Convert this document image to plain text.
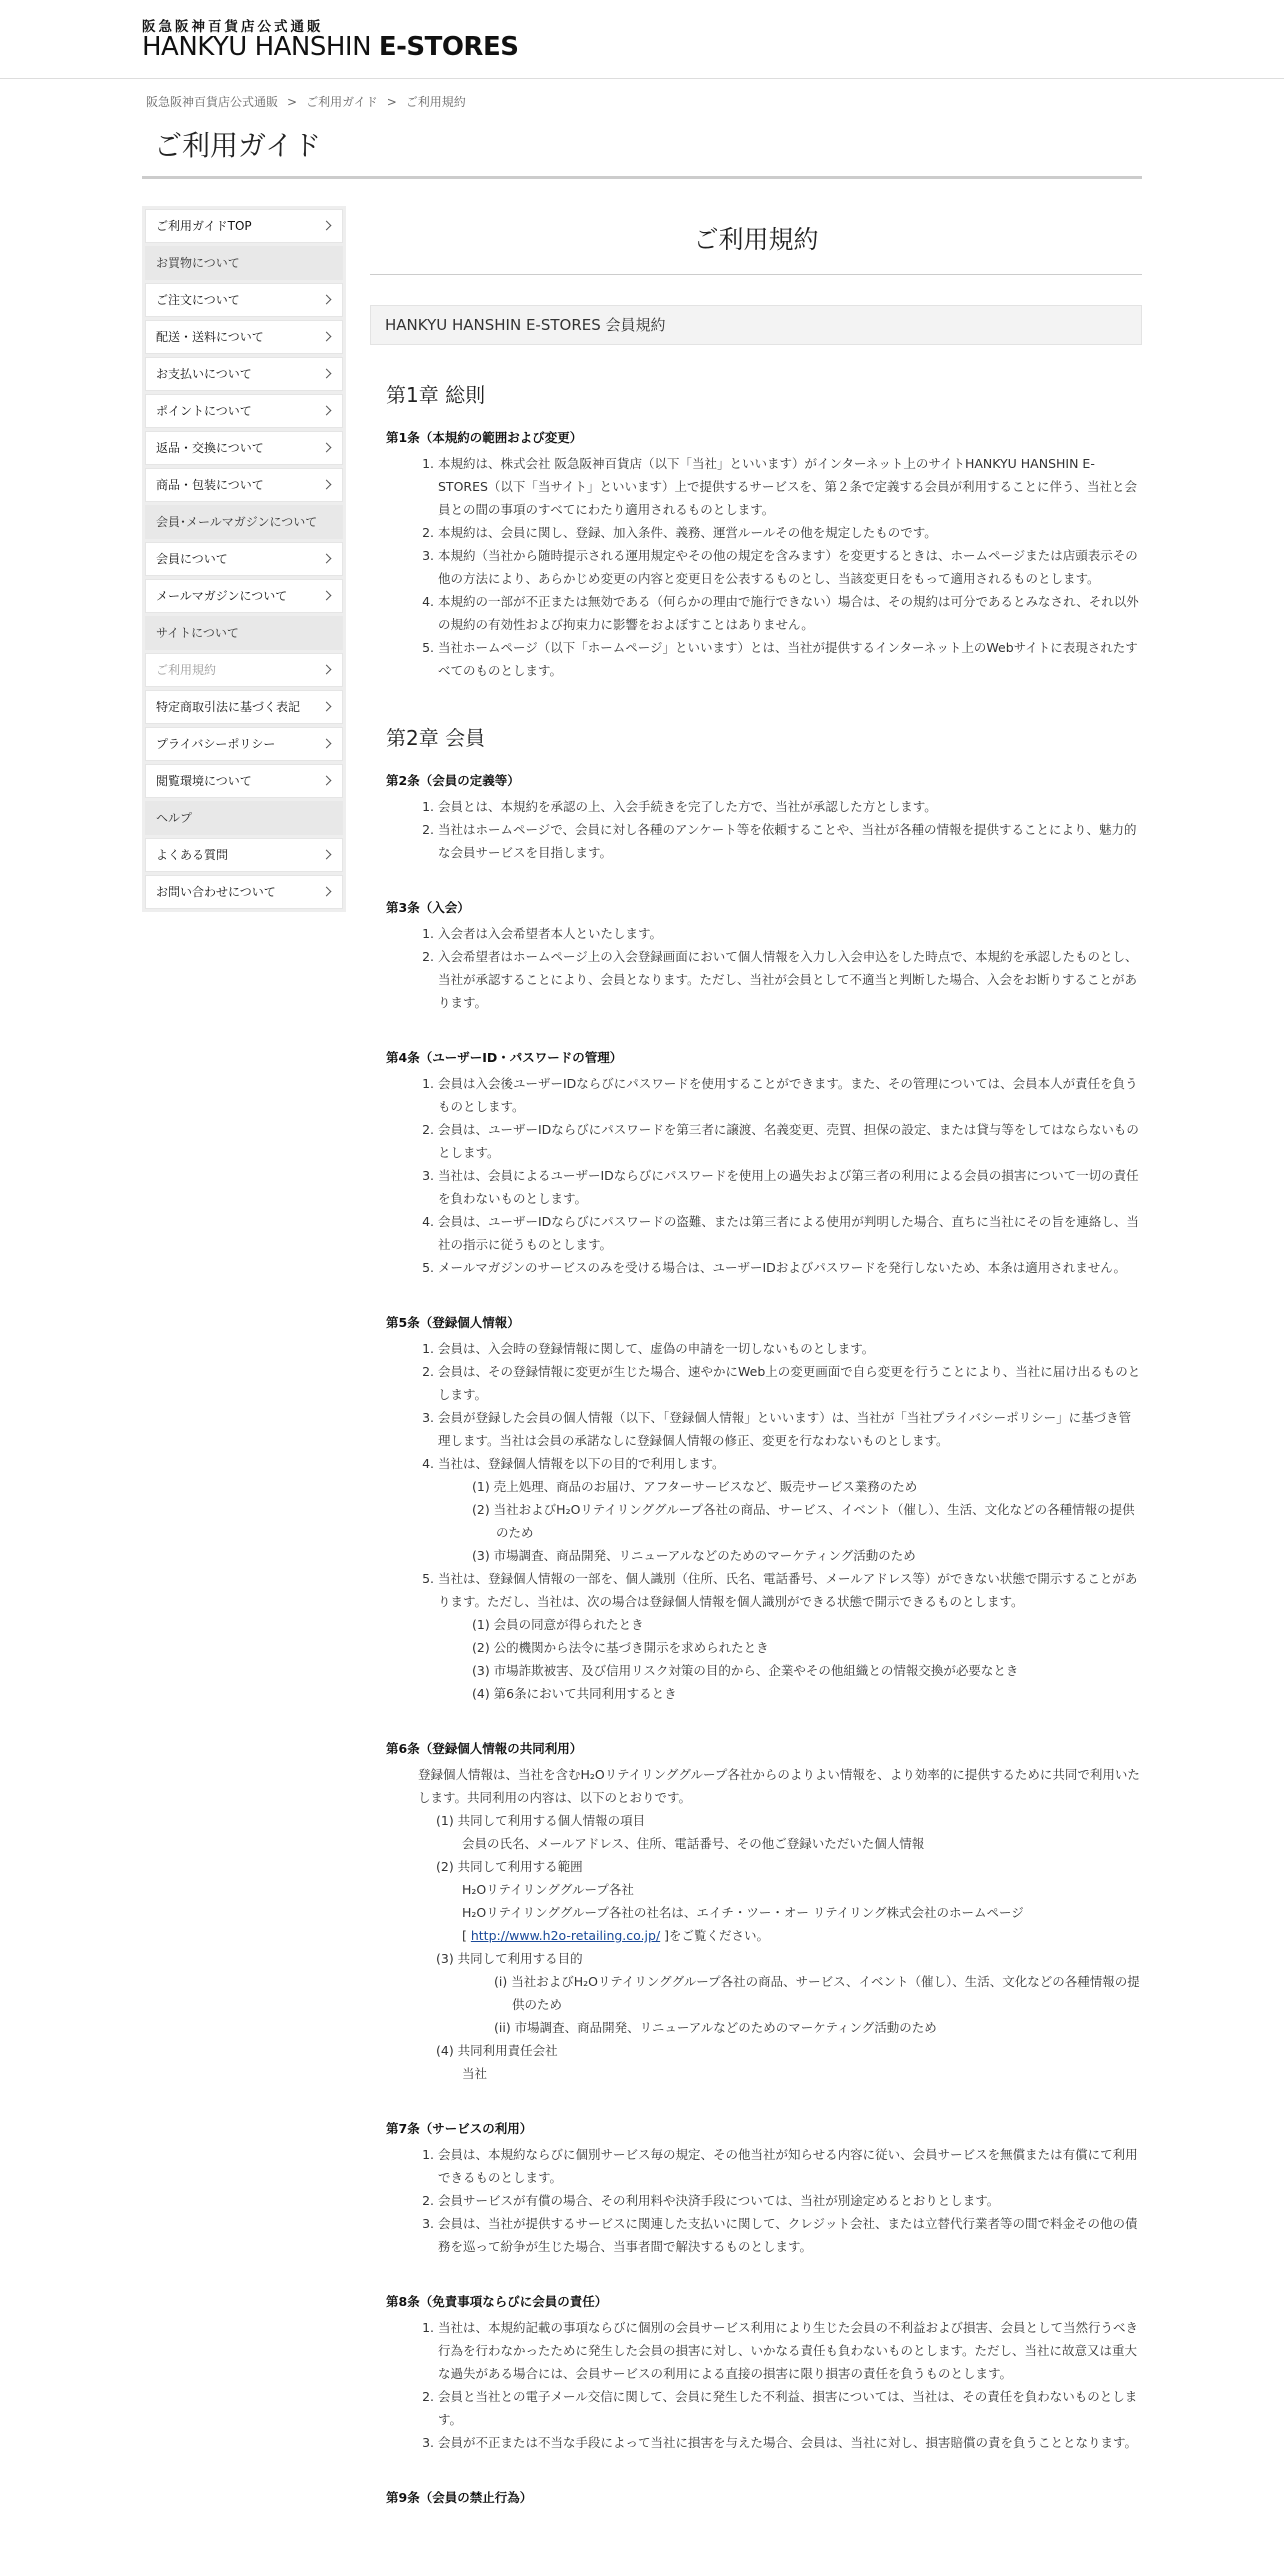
阪急阪神百貨店公式通販
HANKYU HANSHIN E-STORES
阪急阪神百貨店公式通販 > ご利用ガイド > ご利用規約
ご利用ガイド
ご利用ガイドTOP
お買物について
ご注文について
配送・送料について
お支払いについて
ポイントについて
返品・交換について
商品・包装について
会員･メールマガジンについて
会員について
メールマガジンについて
サイトについて
ご利用規約
特定商取引法に基づく表記
プライバシーポリシー
閲覧環境について
ヘルプ
よくある質問
お問い合わせについて
ご利用規約
HANKYU HANSHIN E-STORES 会員規約
第1章 総則
第1条（本規約の範囲および変更）
1. 本規約は、株式会社 阪急阪神百貨店（以下「当社」といいます）がインターネット上のサイトHANKYU HANSHIN E-STORES（以下「当サイト」といいます）上で提供するサービスを、第２条で定義する会員が利用することに伴う、当社と会員との間の事項のすべてにわたり適用されるものとします。
2. 本規約は、会員に関し、登録、加入条件、義務、運営ルールその他を規定したものです。
3. 本規約（当社から随時提示される運用規定やその他の規定を含みます）を変更するときは、ホームページまたは店頭表示その他の方法により、あらかじめ変更の内容と変更日を公表するものとし、当該変更日をもって適用されるものとします。
4. 本規約の一部が不正または無効である（何らかの理由で施行できない）場合は、その規約は可分であるとみなされ、それ以外の規約の有効性および拘束力に影響をおよぼすことはありません。
5. 当社ホームページ（以下「ホームページ」といいます）とは、当社が提供するインターネット上のWebサイトに表現されたすべてのものとします。
第2章 会員
第2条（会員の定義等）
1. 会員とは、本規約を承認の上、入会手続きを完了した方で、当社が承認した方とします。
2. 当社はホームページで、会員に対し各種のアンケート等を依頼することや、当社が各種の情報を提供することにより、魅力的な会員サービスを目指します。
第3条（入会）
1. 入会者は入会希望者本人といたします。
2. 入会希望者はホームページ上の入会登録画面において個人情報を入力し入会申込をした時点で、本規約を承認したものとし、当社が承認することにより、会員となります。ただし、当社が会員として不適当と判断した場合、入会をお断りすることがあります。
第4条（ユーザーID・パスワードの管理）
1. 会員は入会後ユーザーIDならびにパスワードを使用することができます。また、その管理については、会員本人が責任を負うものとします。
2. 会員は、ユーザーIDならびにパスワードを第三者に譲渡、名義変更、売買、担保の設定、または貸与等をしてはならないものとします。
3. 当社は、会員によるユーザーIDならびにパスワードを使用上の過失および第三者の利用による会員の損害について一切の責任を負わないものとします。
4. 会員は、ユーザーIDならびにパスワードの盗難、または第三者による使用が判明した場合、直ちに当社にその旨を連絡し、当社の指示に従うものとします。
5. メールマガジンのサービスのみを受ける場合は、ユーザーIDおよびパスワードを発行しないため、本条は適用されません。
第5条（登録個人情報）
1. 会員は、入会時の登録情報に関して、虚偽の申請を一切しないものとします。
2. 会員は、その登録情報に変更が生じた場合、速やかにWeb上の変更画面で自ら変更を行うことにより、当社に届け出るものとします。
3. 会員が登録した会員の個人情報（以下、「登録個人情報」といいます）は、当社が「当社プライバシーポリシー」に基づき管理します。当社は会員の承諾なしに登録個人情報の修正、変更を行なわないものとします。
4. 当社は、登録個人情報を以下の目的で利用します。
(1) 売上処理、商品のお届け、アフターサービスなど、販売サービス業務のため
(2) 当社およびH₂Oリテイリンググループ各社の商品、サービス、イベント（催し）、生活、文化などの各種情報の提供のため
(3) 市場調査、商品開発、リニューアルなどのためのマーケティング活動のため
5. 当社は、登録個人情報の一部を、個人識別（住所、氏名、電話番号、メールアドレス等）ができない状態で開示することがあります。ただし、当社は、次の場合は登録個人情報を個人識別ができる状態で開示できるものとします。
(1) 会員の同意が得られたとき
(2) 公的機関から法令に基づき開示を求められたとき
(3) 市場詐欺被害、及び信用リスク対策の目的から、企業やその他組織との情報交換が必要なとき
(4) 第6条において共同利用するとき
第6条（登録個人情報の共同利用）
登録個人情報は、当社を含むH₂Oリテイリンググループ各社からのよりよい情報を、より効率的に提供するために共同で利用いたします。共同利用の内容は、以下のとおりです。
(1) 共同して利用する個人情報の項目
会員の氏名、メールアドレス、住所、電話番号、その他ご登録いただいた個人情報
(2) 共同して利用する範囲
H₂Oリテイリンググループ各社
H₂Oリテイリンググループ各社の社名は、エイチ・ツー・オー リテイリング株式会社のホームページ
[ http://www.h2o-retailing.co.jp/ ]をご覧ください。
(3) 共同して利用する目的
(i) 当社およびH₂Oリテイリンググループ各社の商品、サービス、イベント（催し）、生活、文化などの各種情報の提供のため
(ii) 市場調査、商品開発、リニューアルなどのためのマーケティング活動のため
(4) 共同利用責任会社
当社
第7条（サービスの利用）
1. 会員は、本規約ならびに個別サービス毎の規定、その他当社が知らせる内容に従い、会員サービスを無償または有償にて利用できるものとします。
2. 会員サービスが有償の場合、その利用料や決済手段については、当社が別途定めるとおりとします。
3. 会員は、当社が提供するサービスに関連した支払いに関して、クレジット会社、または立替代行業者等の間で料金その他の債務を巡って紛争が生じた場合、当事者間で解決するものとします。
第8条（免責事項ならびに会員の責任）
1. 当社は、本規約記載の事項ならびに個別の会員サービス利用により生じた会員の不利益および損害、会員として当然行うべき行為を行わなかったために発生した会員の損害に対し、いかなる責任も負わないものとします。ただし、当社に故意又は重大な過失がある場合には、会員サービスの利用による直接の損害に限り損害の責任を負うものとします。
2. 会員と当社との電子メール交信に関して、会員に発生した不利益、損害については、当社は、その責任を負わないものとします。
3. 会員が不正または不当な手段によって当社に損害を与えた場合、会員は、当社に対し、損害賠償の責を負うこととなります。
第9条（会員の禁止行為）
